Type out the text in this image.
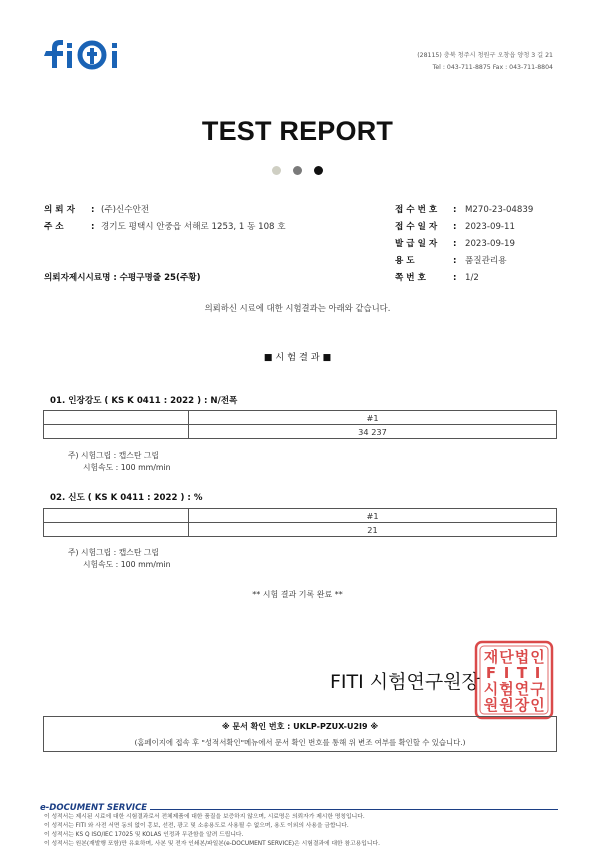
(28115) 충북 청주시 청원구 오창읍 양청 3 길 21
Tel : 043-711-8875 Fax : 043-711-8804
TEST REPORT

의 뢰 자 : (주)신수안전
주 소	: 경기도 평택시 안중읍 서해로 1253, 1 동 108 호
의뢰자제시시료명 : 수평구명줄 25(주황)
접 수 번 호 : M270-23-04839
접 수 일 자 : 2023-09-11
발 급 일 자 : 2023-09-19
용 도	: 품질관리용
쪽 번 호	: 1/2
의뢰하신 시료에 대한 시험결과는 아래와 같습니다.
■ 시 험 결 과 ■
01. 인장강도 ( KS K 0411 : 2022 ) : N/전폭
	#1
	34 237
주) 시험그립 : 캡스탄 그립
시험속도 : 100 mm/min
02. 신도 ( KS K 0411 : 2022 ) : %
	#1
	21
주) 시험그립 : 캡스탄 그립
시험속도 : 100 mm/min
** 시험 결과 기록 완료 **
FITI 시험연구원장
재 단 법 인
F I T I
시 험 연 구
원 원 장 인
※ 문서 확인 번호 : UKLP-PZUX-U2I9 ※
(홈페이지에 접속 후 "성적서확인"메뉴에서 문서 확인 번호를 통해 위 변조 여부를 확인할 수 있습니다.)
e-DOCUMENT SERVICE
이 성적서는 제시된 시료에 대한 시험결과로서 전체제품에 대한 품질을 보증하지 않으며, 시료명은 의뢰자가 제시한 명칭입니다.
이 성적서는 FITI 와 사전 서면 동의 없이 홍보, 선전, 광고 및 소송용도로 사용될 수 없으며, 용도 이외의 사용을 금합니다.
이 성적서는 KS Q ISO/IEC 17025 및 KOLAS 인정과 무관함을 알려 드립니다.
이 성적서는 원본(재발행 포함)만 유효하며, 사본 및 전자 인쇄본/파일본(e-DOCUMENT SERVICE)은 시험결과에 대한 참고용입니다.
